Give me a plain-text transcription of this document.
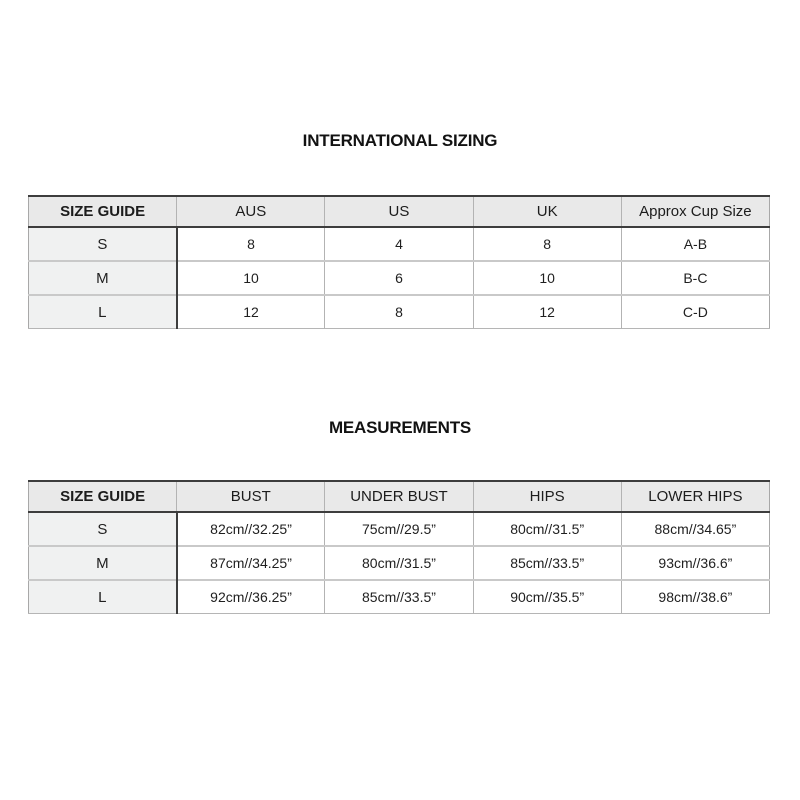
INTERNATIONAL SIZING
SIZE GUIDE	AUS	US	UK	Approx Cup Size
S	8	4	8	A-B
M	10	6	10	B-C
L	12	8	12	C-D
MEASUREMENTS
SIZE GUIDE	BUST	UNDER BUST	HIPS	LOWER HIPS
S	82cm//32.25”	75cm//29.5”	80cm//31.5”	88cm//34.65”
M	87cm//34.25”	80cm//31.5”	85cm//33.5”	93cm//36.6”
L	92cm//36.25”	85cm//33.5”	90cm//35.5”	98cm//38.6”
